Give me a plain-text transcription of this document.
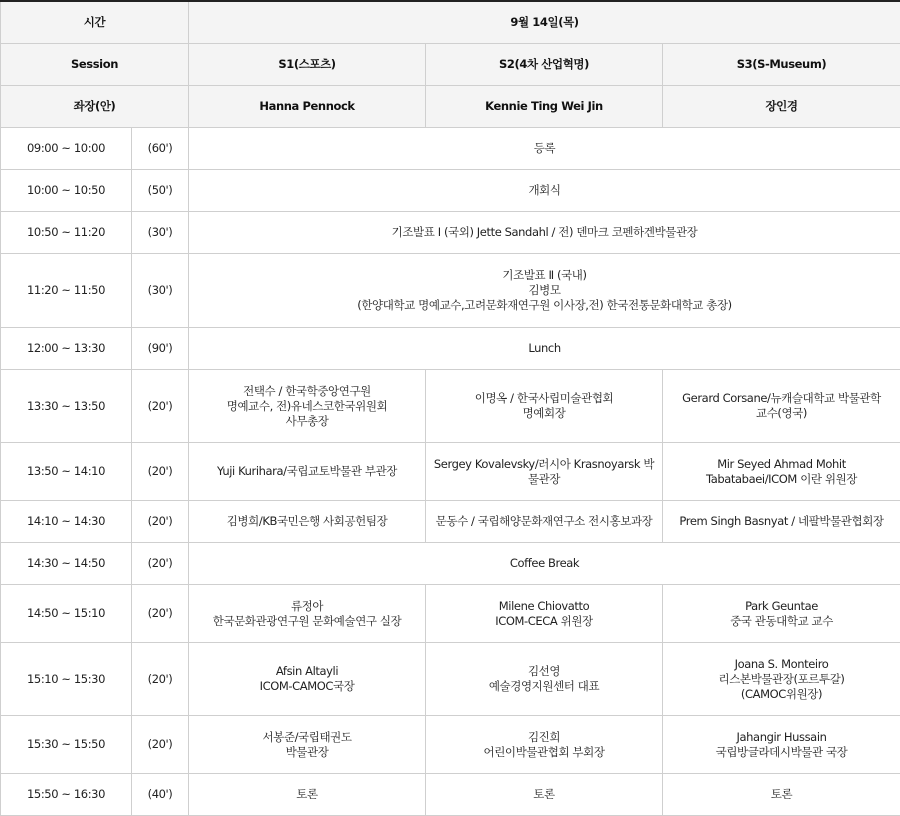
시간		9월 14일(목)		
Session		S1(스포츠)	S2(4차 산업혁명)	S3(S-Museum)
좌장(안)		Hanna Pennock	Kennie Ting Wei Jin	장인경
09:00 ~ 10:00	(60')	등록		

10:00 ~ 10:50	(50')	개회식		

10:50 ~ 11:20	(30')	기조발표 Ⅰ (국외) Jette Sandahl / 전) 덴마크 코펜하겐박물관장		

11:20 ~ 11:50	(30')	기조발표 Ⅱ (국내)
김병모
(한양대학교 명예교수,고려문화재연구원 이사장,전) 한국전통문화대학교 총장)		

12:00 ~ 13:30	(90')	Lunch		

13:30 ~ 13:50	(20')	전택수 / 한국학중앙연구원
명예교수, 전)유네스코한국위원회
사무총장	이명옥 / 한국사립미술관협회
명예회장	Gerard Corsane/뉴캐슬대학교 박물관학
교수(영국)

13:50 ~ 14:10	(20')	Yuji Kurihara/국립교토박물관 부관장	Sergey Kovalevsky/러시아 Krasnoyarsk 박
물관장	Mir Seyed Ahmad Mohit
Tabatabaei/ICOM 이란 위원장

14:10 ~ 14:30	(20')	김병희/KB국민은행 사회공헌팀장	문동수 / 국립해양문화재연구소 전시홍보과장	Prem Singh Basnyat / 네팔박물관협회장

14:30 ~ 14:50	(20')	Coffee Break		

14:50 ~ 15:10	(20')	류정아
한국문화관광연구원 문화예술연구 실장	Milene Chiovatto
ICOM-CECA 위원장	Park Geuntae
중국 관동대학교 교수

15:10 ~ 15:30	(20')	Afsin Altayli
ICOM-CAMOC국장	김선영
예술경영지원센터 대표	Joana S. Monteiro
리스본박물관장(포르투갈)
(CAMOC위원장)

15:30 ~ 15:50	(20')	서봉준/국립태권도
박물관장	김진희
어린이박물관협회 부회장	Jahangir Hussain
국립방글라데시박물관 국장

15:50 ~ 16:30	(40')	토론	토론	토론
